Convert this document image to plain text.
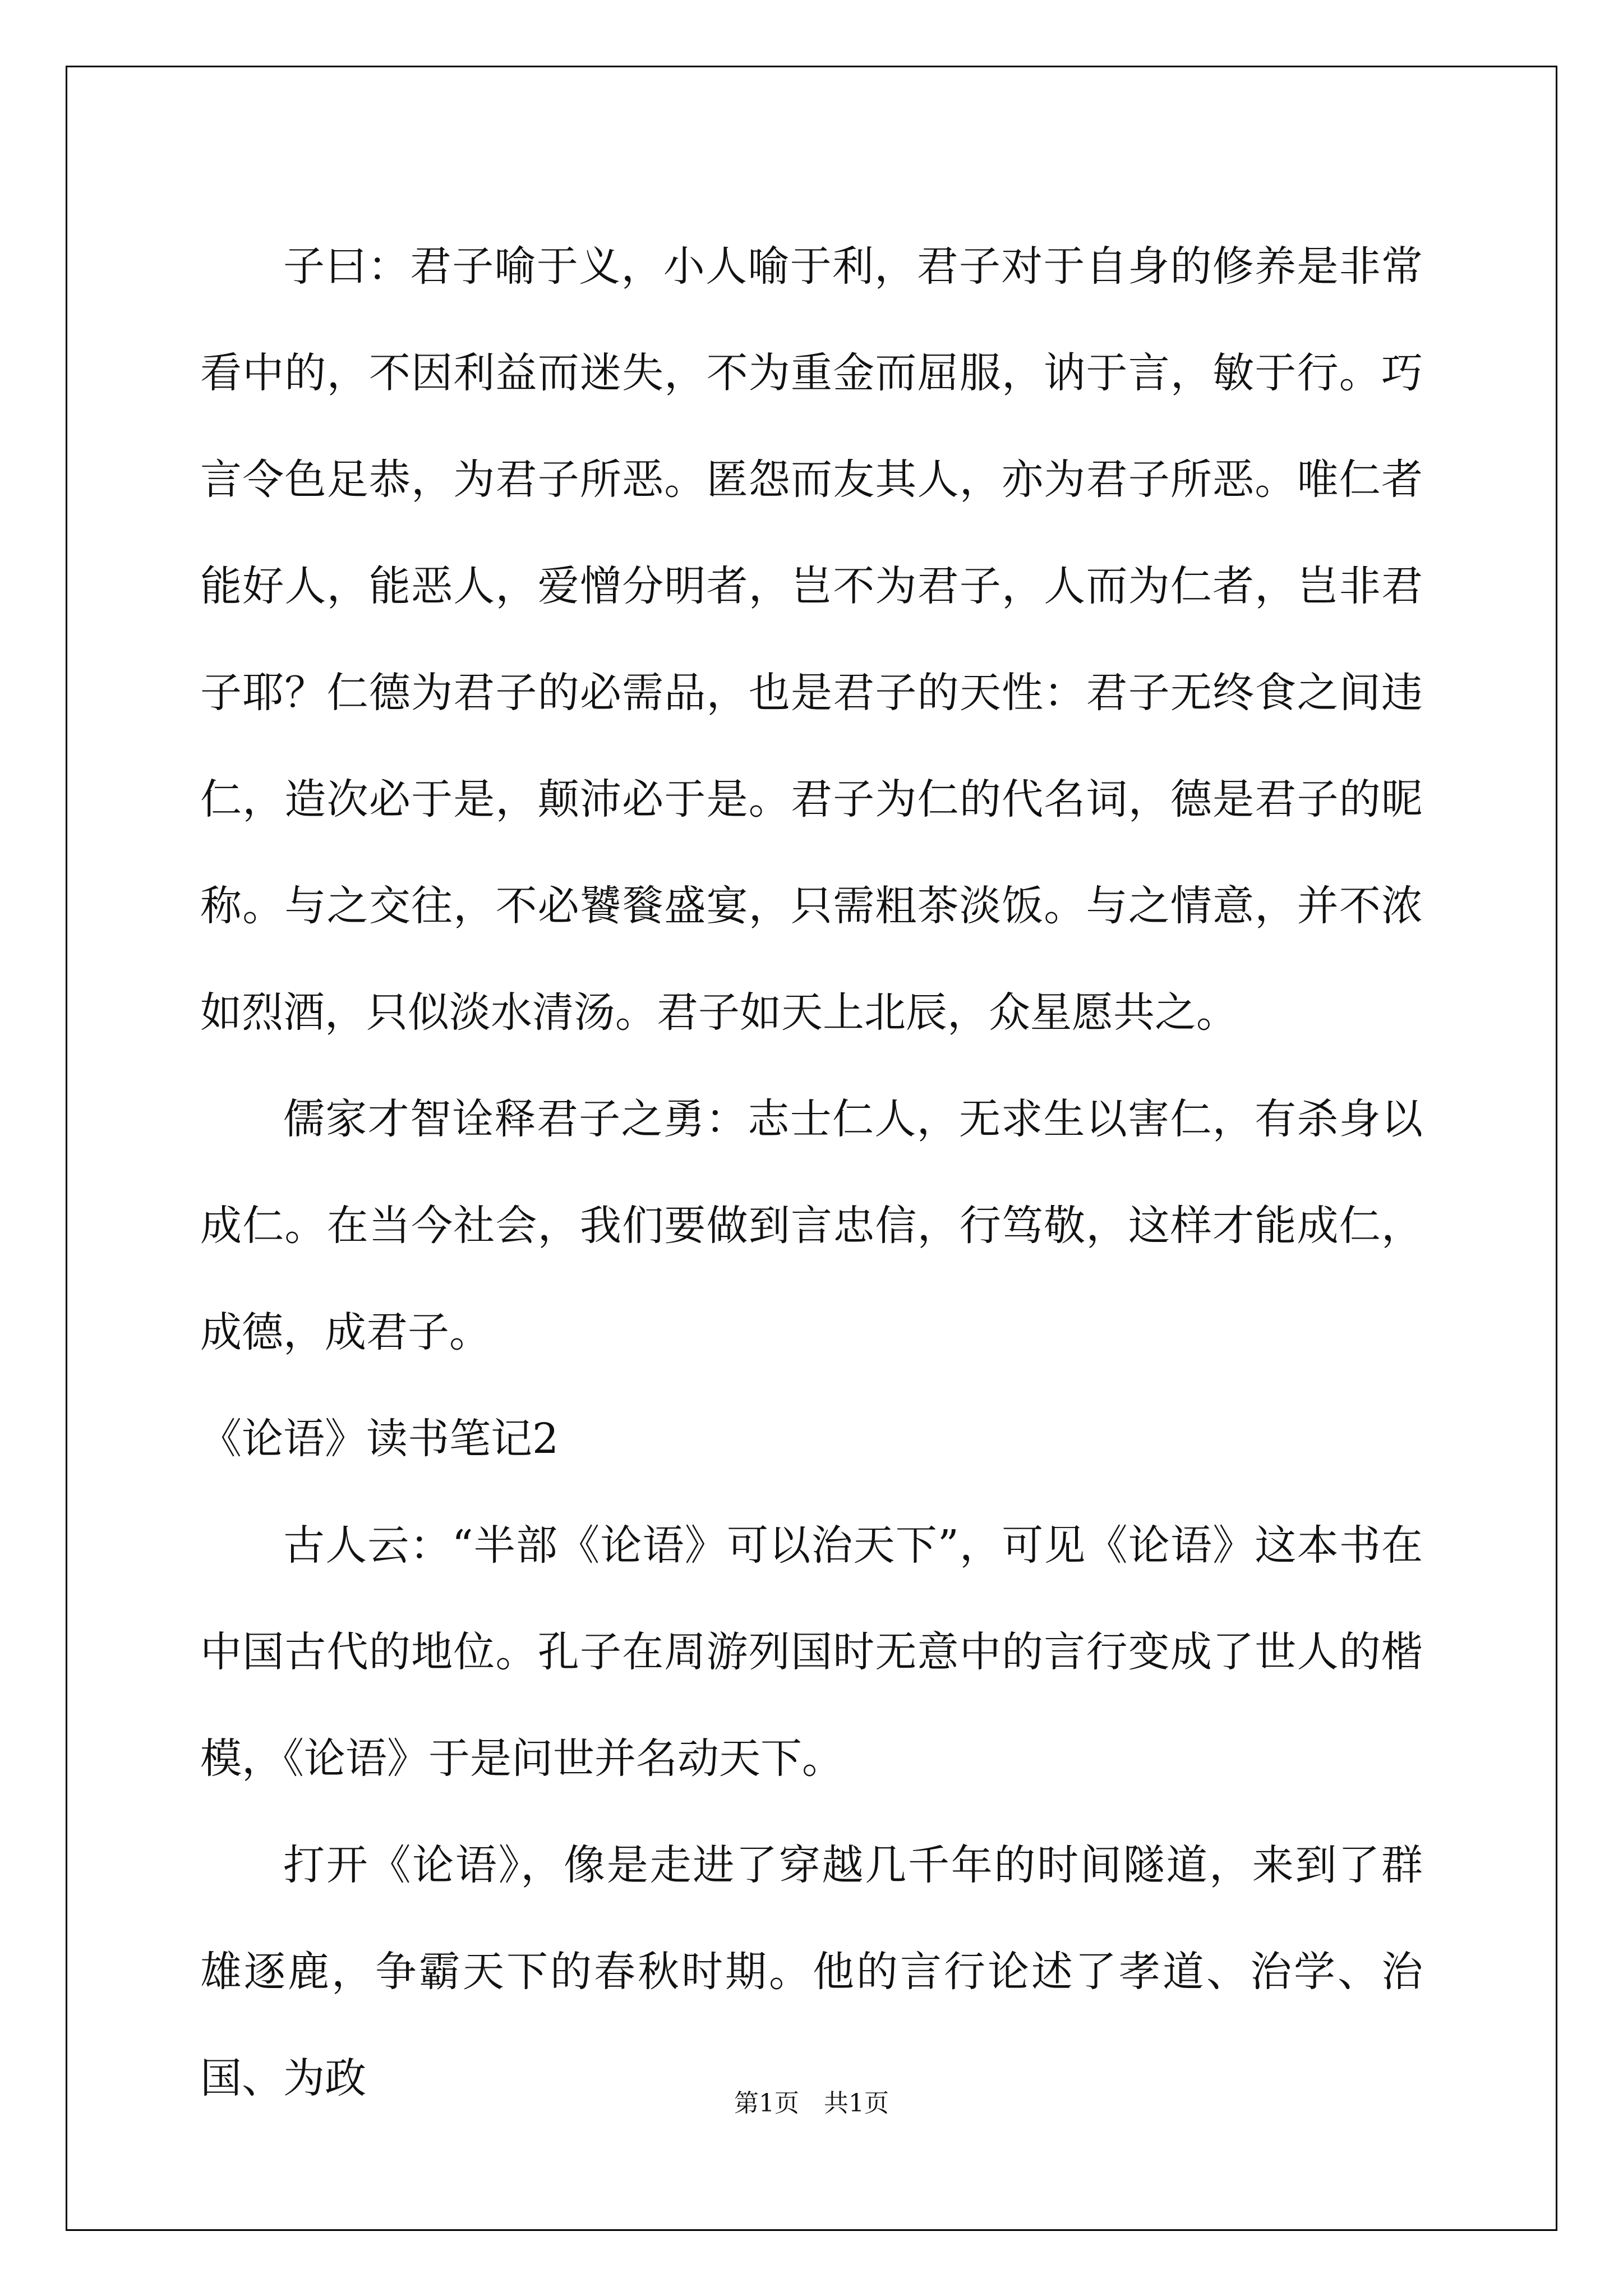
子曰：君子喻于义，小人喻于利，君子对于自身的修养是非常看中的，不因利益而迷失，不为重金而屈服，讷于言，敏于行。巧言令色足恭，为君子所恶。匿怨而友其人，亦为君子所恶。唯仁者能好人，能恶人，爱憎分明者，岂不为君子，人而为仁者，岂非君子耶？仁德为君子的必需品，也是君子的天性：君子无终食之间违仁，造次必于是，颠沛必于是。君子为仁的代名词，德是君子的昵称。与之交往，不必饕餮盛宴，只需粗茶淡饭。与之情意，并不浓如烈酒，只似淡水清汤。君子如天上北辰，众星愿共之。

儒家才智诠释君子之勇：志士仁人，无求生以害仁，有杀身以成仁。在当今社会，我们要做到言忠信，行笃敬，这样才能成仁，成德，成君子。

《论语》读书笔记2

古人云：“半部《论语》可以治天下”，可见《论语》这本书在中国古代的地位。孔子在周游列国时无意中的言行变成了世人的楷模，《论语》于是问世并名动天下。

打开《论语》，像是走进了穿越几千年的时间隧道，来到了群雄逐鹿，争霸天下的春秋时期。他的言行论述了孝道、治学、治国、为政

第1页　共1页
